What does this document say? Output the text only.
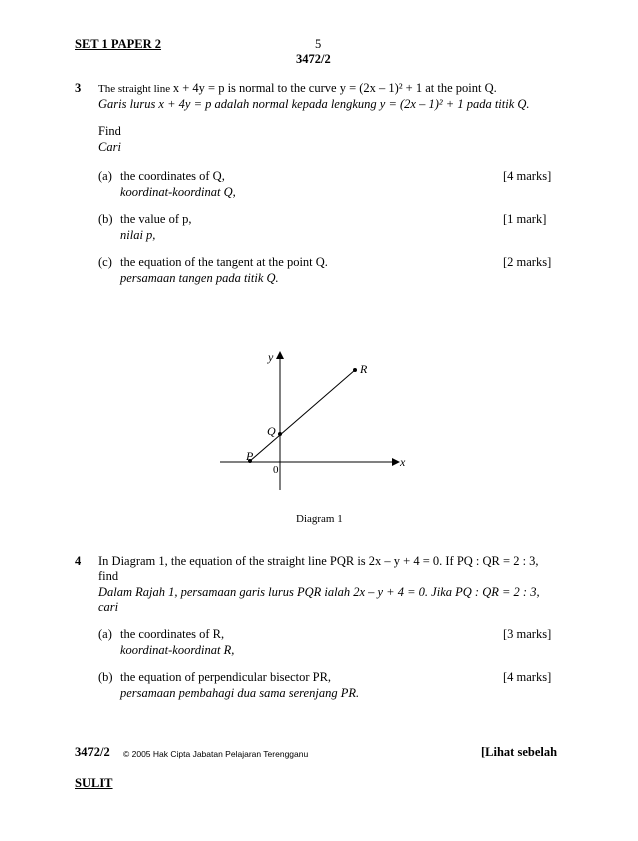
SET 1 PAPER 2	5
3472/2
3 The straight line x + 4y = p is normal to the curve y = (2x – 1)² + 1 at the point Q.
Garis lurus x + 4y = p adalah normal kepada lengkung y = (2x – 1)² + 1 pada titik Q.
Find
Cari
(a) the coordinates of Q,
koordinat-koordinat Q,
[4 marks]
(b) the value of p,
nilai p,
[1 mark]
(c) the equation of the tangent at the point Q.
persamaan tangen pada titik Q.
[2 marks]
y
x
0
P
Q
R
Diagram 1
4 In Diagram 1, the equation of the straight line PQR is 2x – y + 4 = 0. If PQ : QR = 2 : 3,
find
Dalam Rajah 1, persamaan garis lurus PQR ialah 2x – y + 4 = 0. Jika PQ : QR = 2 : 3,
cari
(a) the coordinates of R,
koordinat-koordinat R,
[3 marks]
(b) the equation of perpendicular bisector PR,
persamaan pembahagi dua sama serenjang PR.
[4 marks]
3472/2 © 2005 Hak Cipta Jabatan Pelajaran Terengganu	[Lihat sebelah
SULIT
